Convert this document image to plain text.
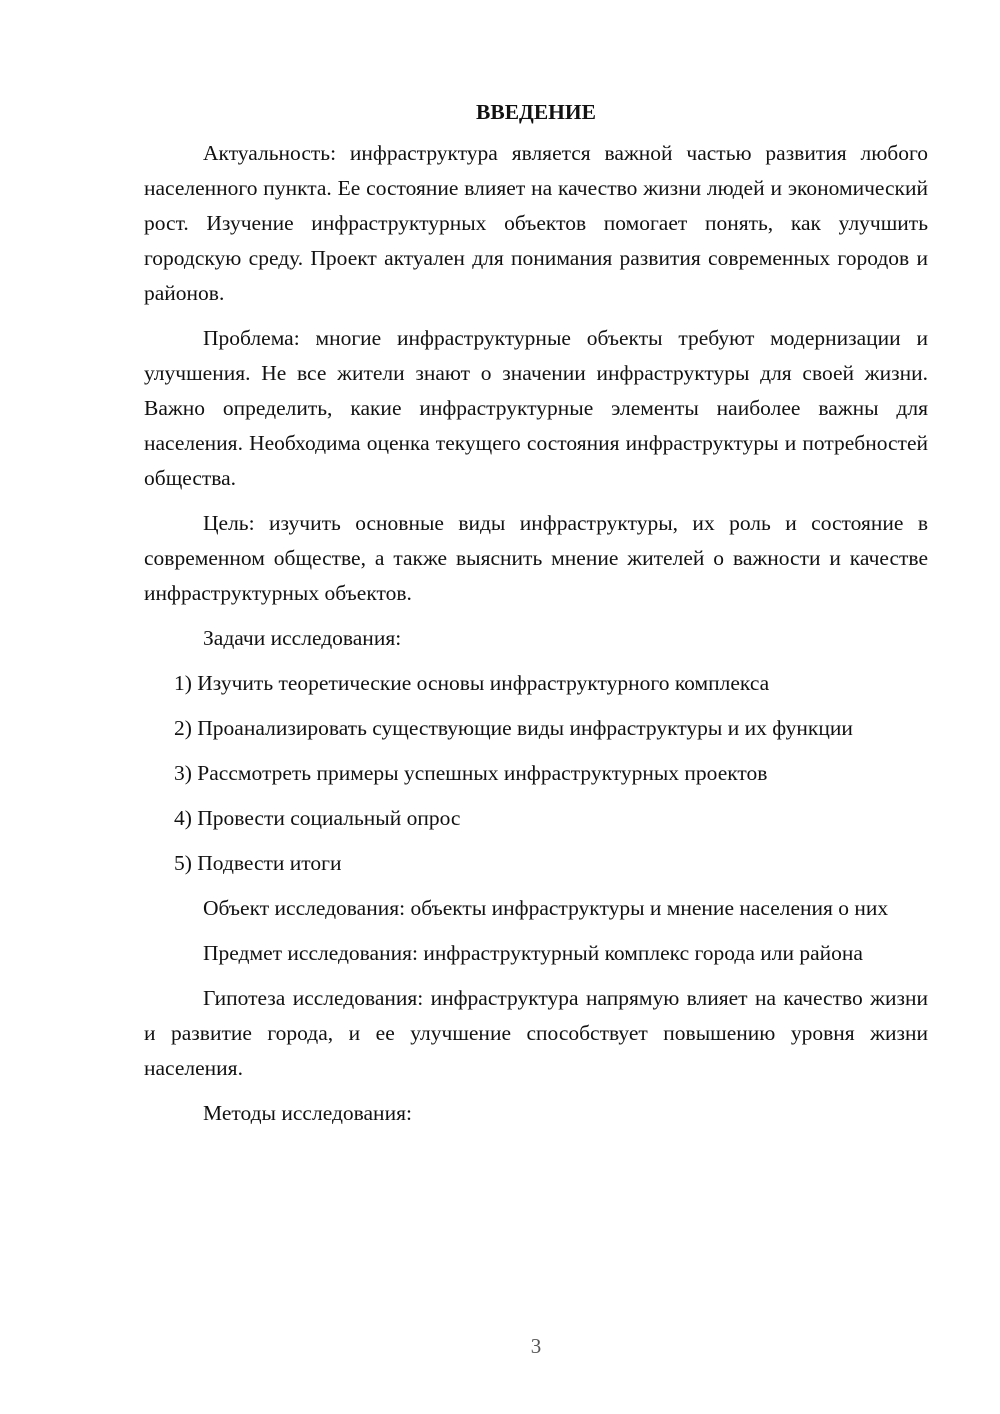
ВВЕДЕНИЕ

Актуальность: инфраструктура является важной частью развития любого населенного пункта. Ее состояние влияет на качество жизни людей и экономический рост. Изучение инфраструктурных объектов помогает понять, как улучшить городскую среду. Проект актуален для понимания развития современных городов и районов.

Проблема: многие инфраструктурные объекты требуют модернизации и улучшения. Не все жители знают о значении инфраструктуры для своей жизни. Важно определить, какие инфраструктурные элементы наиболее важны для населения. Необходима оценка текущего состояния инфраструктуры и потребностей общества.

Цель: изучить основные виды инфраструктуры, их роль и состояние в современном обществе, а также выяснить мнение жителей о важности и качестве инфраструктурных объектов.

Задачи исследования:

1) Изучить теоретические основы инфраструктурного комплекса

2) Проанализировать существующие виды инфраструктуры и их функции

3) Рассмотреть примеры успешных инфраструктурных проектов

4) Провести социальный опрос

5) Подвести итоги

Объект исследования: объекты инфраструктуры и мнение населения о них

Предмет исследования: инфраструктурный комплекс города или района

Гипотеза исследования: инфраструктура напрямую влияет на качество жизни и развитие города, и ее улучшение способствует повышению уровня жизни населения.

Методы исследования:

3
